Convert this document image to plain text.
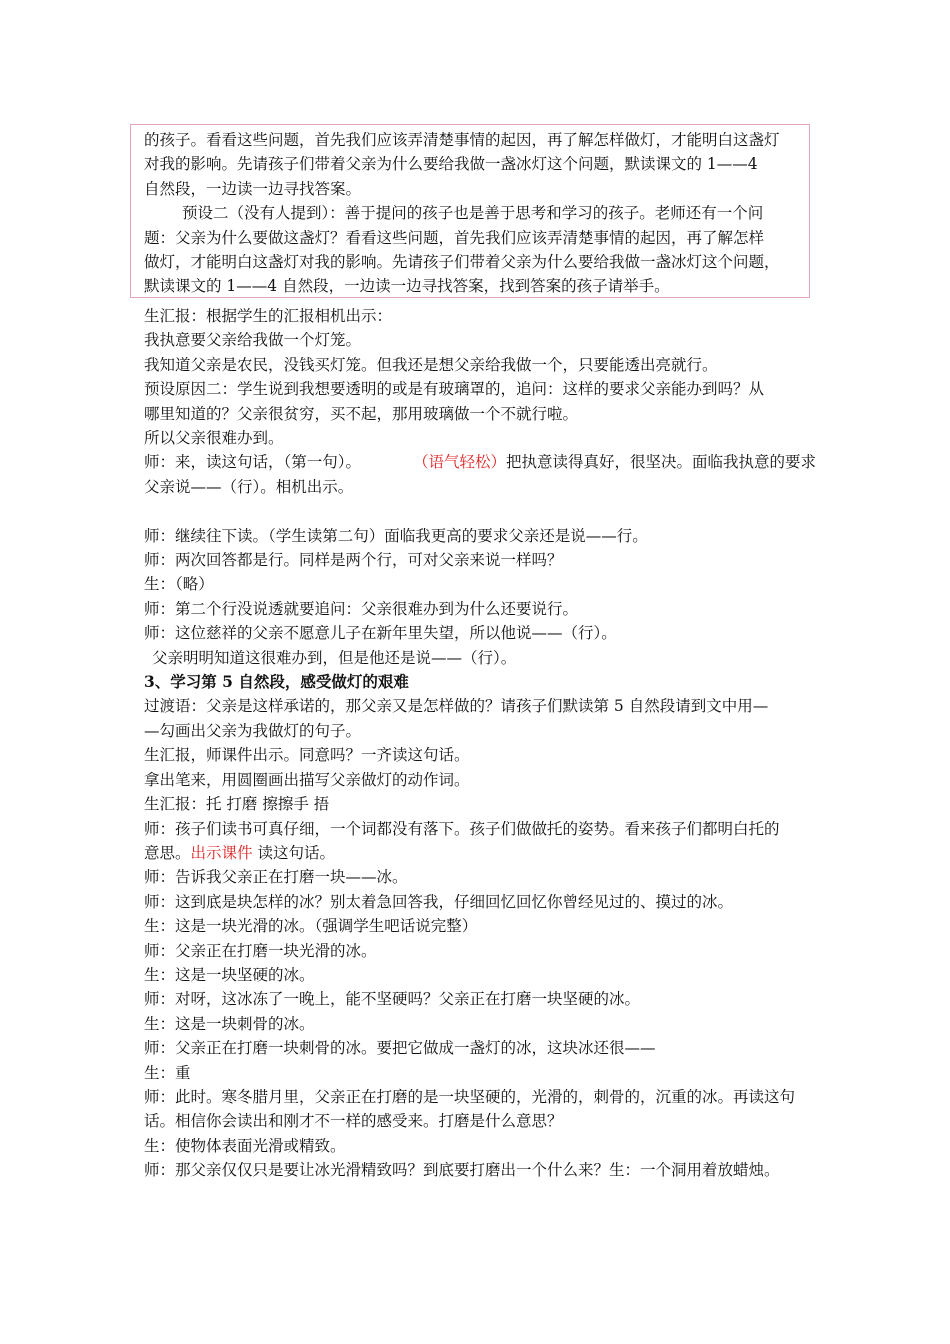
的孩子。看看这些问题，首先我们应该弄清楚事情的起因，再了解怎样做灯，才能明白这盏灯

对我的影响。先请孩子们带着父亲为什么要给我做一盏冰灯这个问题，默读课文的 1——4

自然段，一边读一边寻找答案。

预设二（没有人提到）：善于提问的孩子也是善于思考和学习的孩子。老师还有一个问

题：父亲为什么要做这盏灯？看看这些问题，首先我们应该弄清楚事情的起因，再了解怎样

做灯，才能明白这盏灯对我的影响。先请孩子们带着父亲为什么要给我做一盏冰灯这个问题，

默读课文的 1——4 自然段，一边读一边寻找答案，找到答案的孩子请举手。

生汇报：根据学生的汇报相机出示：

我执意要父亲给我做一个灯笼。

我知道父亲是农民，没钱买灯笼。但我还是想父亲给我做一个，只要能透出亮就行。

预设原因二：学生说到我想要透明的或是有玻璃罩的，追问：这样的要求父亲能办到吗？从

哪里知道的？父亲很贫穷，买不起，那用玻璃做一个不就行啦。

所以父亲很难办到。

师：来，读这句话，（第一句）。	（语气轻松）把执意读得真好，很坚决。面临我执意的要求

父亲说——（行）。相机出示。

师：继续往下读。（学生读第二句）面临我更高的要求父亲还是说——行。

师：两次回答都是行。同样是两个行，可对父亲来说一样吗？

生：（略）

师：第二个行没说透就要追问：父亲很难办到为什么还要说行。

师：这位慈祥的父亲不愿意儿子在新年里失望，所以他说——（行）。

父亲明明知道这很难办到，但是他还是说——（行）。

3、学习第 5 自然段，感受做灯的艰难

过渡语：父亲是这样承诺的，那父亲又是怎样做的？请孩子们默读第 5 自然段请到文中用—

—勾画出父亲为我做灯的句子。

生汇报，师课件出示。同意吗？一齐读这句话。

拿出笔来，用圆圈画出描写父亲做灯的动作词。

生汇报：托 打磨 擦擦手 捂

师：孩子们读书可真仔细，一个词都没有落下。孩子们做做托的姿势。看来孩子们都明白托的

意思。出示课件 读这句话。

师：告诉我父亲正在打磨一块——冰。

师：这到底是块怎样的冰？别太着急回答我，仔细回忆回忆你曾经见过的、摸过的冰。

生：这是一块光滑的冰。（强调学生吧话说完整）

师：父亲正在打磨一块光滑的冰。

生：这是一块坚硬的冰。

师：对呀，这冰冻了一晚上，能不坚硬吗？父亲正在打磨一块坚硬的冰。

生：这是一块刺骨的冰。

师：父亲正在打磨一块刺骨的冰。要把它做成一盏灯的冰，这块冰还很——

生：重

师：此时。寒冬腊月里，父亲正在打磨的是一块坚硬的，光滑的，刺骨的，沉重的冰。再读这句

话。相信你会读出和刚才不一样的感受来。打磨是什么意思？

生：使物体表面光滑或精致。

师：那父亲仅仅只是要让冰光滑精致吗？到底要打磨出一个什么来？生：一个洞用着放蜡烛。
